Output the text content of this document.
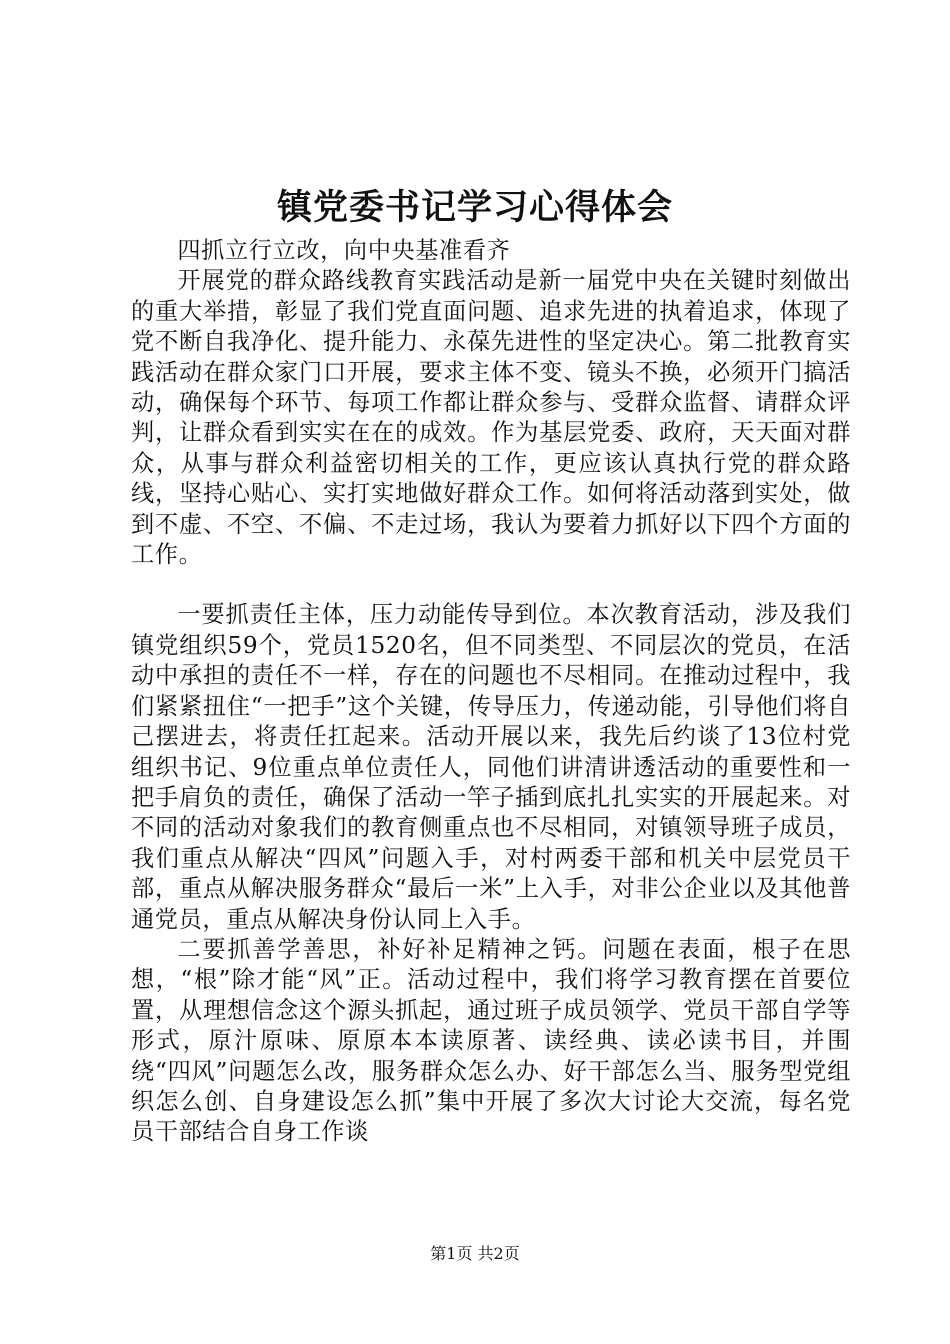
镇党委书记学习心得体会

四抓立行立改，向中央基准看齐

开展党的群众路线教育实践活动是新一届党中央在关键时刻做出的重大举措，彰显了我们党直面问题、追求先进的执着追求，体现了党不断自我净化、提升能力、永葆先进性的坚定决心。第二批教育实践活动在群众家门口开展，要求主体不变、镜头不换，必须开门搞活动，确保每个环节、每项工作都让群众参与、受群众监督、请群众评判，让群众看到实实在在的成效。作为基层党委、政府，天天面对群众，从事与群众利益密切相关的工作，更应该认真执行党的群众路线，坚持心贴心、实打实地做好群众工作。如何将活动落到实处，做到不虚、不空、不偏、不走过场，我认为要着力抓好以下四个方面的工作。

一要抓责任主体，压力动能传导到位。本次教育活动，涉及我们镇党组织59个，党员1520名，但不同类型、不同层次的党员，在活动中承担的责任不一样，存在的问题也不尽相同。在推动过程中，我们紧紧扭住“一把手”这个关键，传导压力，传递动能，引导他们将自己摆进去，将责任扛起来。活动开展以来，我先后约谈了13位村党组织书记、9位重点单位责任人，同他们讲清讲透活动的重要性和一把手肩负的责任，确保了活动一竿子插到底扎扎实实的开展起来。对不同的活动对象我们的教育侧重点也不尽相同，对镇领导班子成员，我们重点从解决“四风”问题入手，对村两委干部和机关中层党员干部，重点从解决服务群众“最后一米”上入手，对非公企业以及其他普通党员，重点从解决身份认同上入手。

二要抓善学善思，补好补足精神之钙。问题在表面，根子在思想，“根”除才能“风”正。活动过程中，我们将学习教育摆在首要位置，从理想信念这个源头抓起，通过班子成员领学、党员干部自学等形式，原汁原味、原原本本读原著、读经典、读必读书目，并围绕“四风”问题怎么改，服务群众怎么办、好干部怎么当、服务型党组织怎么创、自身建设怎么抓”集中开展了多次大讨论大交流，每名党员干部结合自身工作谈

第1页 共2页
